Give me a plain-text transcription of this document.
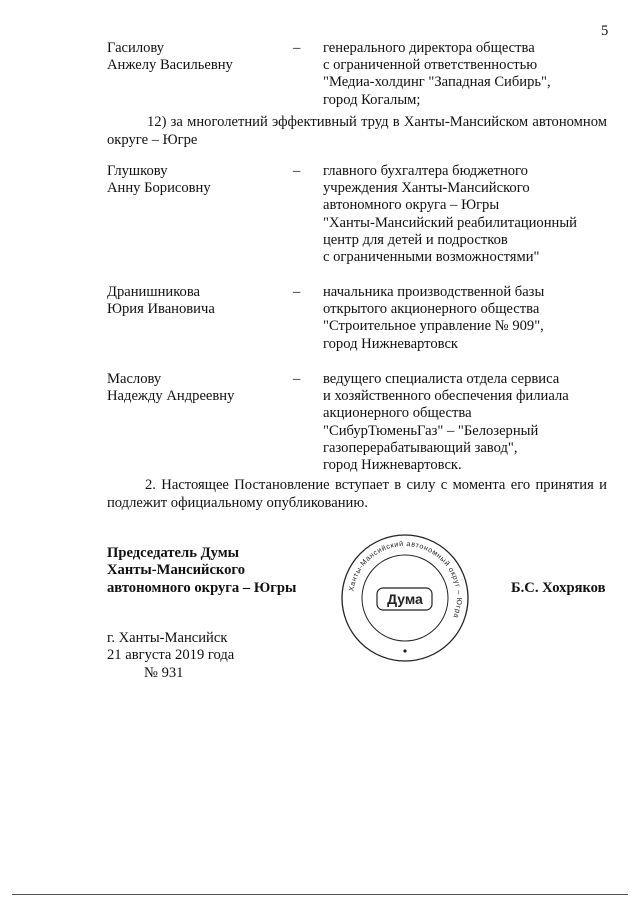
5
Гасилову
Анжелу Васильевну
– генерального директора общества
с ограниченной ответственностью
"Медиа-холдинг "Западная Сибирь",
город Когалым;
12) за многолетний эффективный труд в Ханты-Мансийском автономном
округе – Югре
Глушкову
Анну Борисовну
– главного бухгалтера бюджетного
учреждения Ханты-Мансийского
автономного округа – Югры
"Ханты-Мансийский реабилитационный
центр для детей и подростков
с ограниченными возможностями"
Дранишникова
Юрия Ивановича
– начальника производственной базы
открытого акционерного общества
"Строительное управление № 909",
город Нижневартовск
Маслову
Надежду Андреевну
– ведущего специалиста отдела сервиса
и хозяйственного обеспечения филиала
акционерного общества
"СибурТюменьГаз" – "Белозерный
газоперерабатывающий завод",
город Нижневартовск.
2. Настоящее Постановление вступает в силу с момента его принятия и
подлежит официальному опубликованию.
Председатель Думы
Ханты-Мансийского
автономного округа – Югры	Б.С. Хохряков
Ханты-Мансийский автономный округ – Югра
Дума
г. Ханты-Мансийск
21 августа 2019 года
№ 931
